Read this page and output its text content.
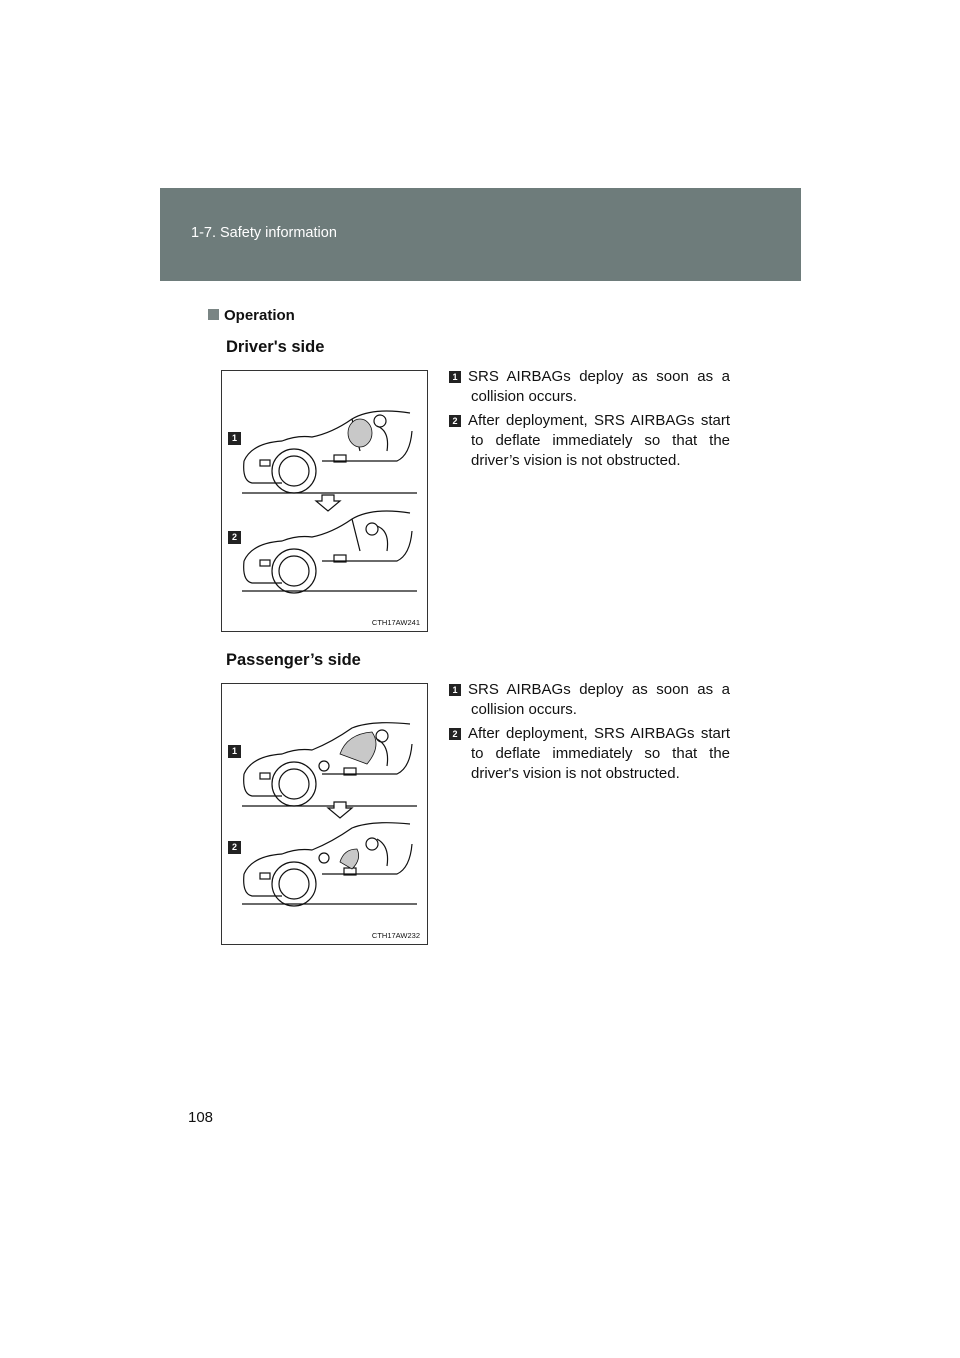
1-7. Safety information
Operation
Driver's side
1
2
CTH17AW241
1 SRS AIRBAGs deploy as soon as a collision occurs.
2 After deployment, SRS AIRBAGs start to deflate immediately so that the driver’s vision is not obstructed.
Passenger’s side
1
2
CTH17AW232
1 SRS AIRBAGs deploy as soon as a collision occurs.
2 After deployment, SRS AIRBAGs start to deflate immediately so that the driver's vision is not obstructed.
108
